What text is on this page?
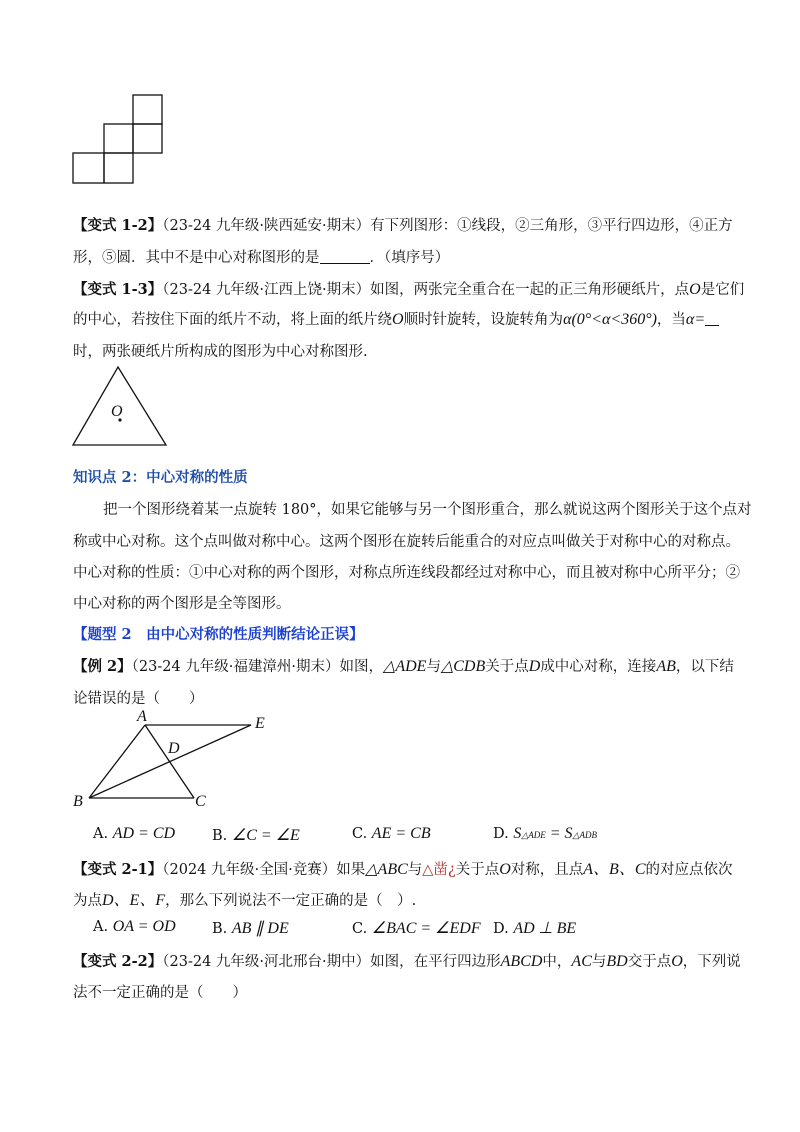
【变式 1-2】（23-24 九年级·陕西延安·期末）有下列图形：①线段，②三角形，③平行四边形，④正方
形，⑤圆．其中不是中心对称图形的是	．（填序号）
【变式 1-3】（23-24 九年级·江西上饶·期末）如图，两张完全重合在一起的正三角形硬纸片，点O是它们
的中心，若按住下面的纸片不动，将上面的纸片绕O顺时针旋转，设旋转角为α(0°<α<360°)，当α=
时，两张硬纸片所构成的图形为中心对称图形.
O
知识点 2：中心对称的性质
把一个图形绕着某一点旋转 180°，如果它能够与另一个图形重合，那么就说这两个图形关于这个点对
称或中心对称。这个点叫做对称中心。这两个图形在旋转后能重合的对应点叫做关于对称中心的对称点。
中心对称的性质：①中心对称的两个图形，对称点所连线段都经过对称中心，而且被对称中心所平分；②
中心对称的两个图形是全等图形。
【题型 2　由中心对称的性质判断结论正误】
【例 2】（23-24 九年级·福建漳州·期末）如图，△ADE与△CDB关于点D成中心对称，连接AB，以下结
论错误的是（　　）
A	E
D
B	C
A. AD = CD	B. ∠C = ∠E	C. AE = CB	D. S△ADE = S△ADB
【变式 2-1】（2024 九年级·全国·竞赛）如果△ABC与△凿¿关于点O对称，且点A、B、C的对应点依次
为点D、E、F，那么下列说法不一定正确的是（　）.
A. OA = OD	B. AB ∥ DE	C. ∠BAC = ∠EDF D. AD ⊥ BE
【变式 2-2】（23-24 九年级·河北邢台·期中）如图，在平行四边形ABCD中，AC与BD交于点O，下列说
法不一定正确的是（　　）
